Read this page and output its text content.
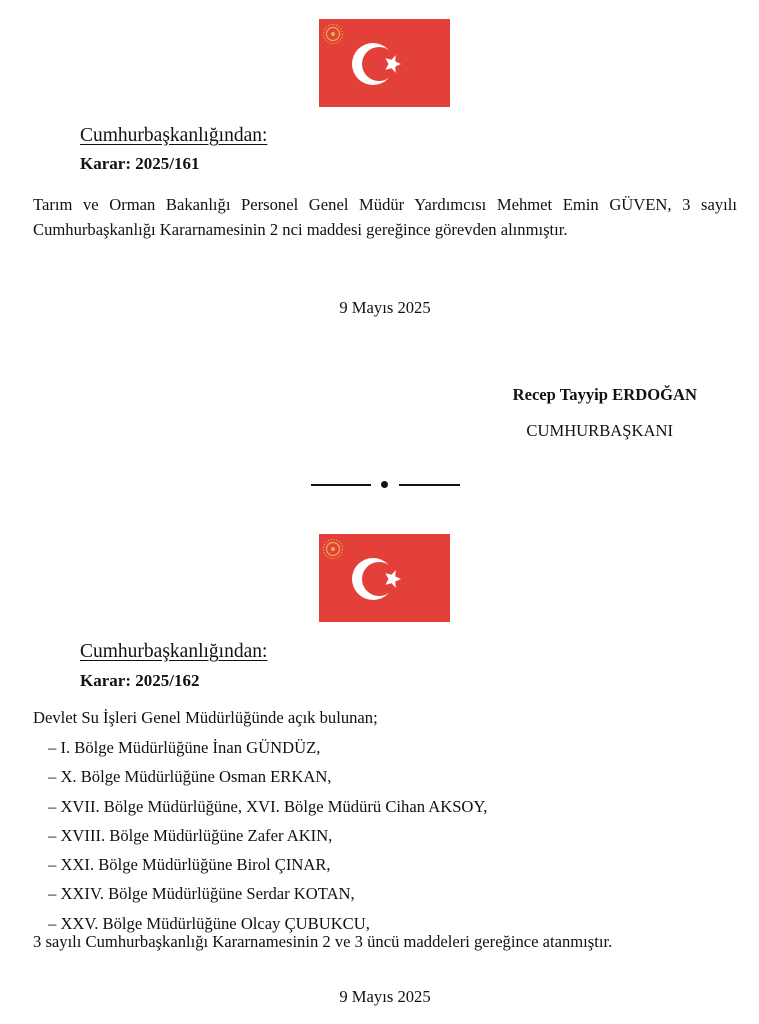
Cumhurbaşkanlığından:
Karar: 2025/161
Tarım ve Orman Bakanlığı Personel Genel Müdür Yardımcısı Mehmet Emin GÜVEN, 3 sayılı Cumhurbaşkanlığı Kararnamesinin 2 nci maddesi gereğince görevden alınmıştır.
9 Mayıs 2025
Recep Tayyip ERDOĞAN
CUMHURBAŞKANI
Cumhurbaşkanlığından:
Karar: 2025/162
Devlet Su İşleri Genel Müdürlüğünde açık bulunan;
– I. Bölge Müdürlüğüne İnan GÜNDÜZ,
– X. Bölge Müdürlüğüne Osman ERKAN,
– XVII. Bölge Müdürlüğüne, XVI. Bölge Müdürü Cihan AKSOY,
– XVIII. Bölge Müdürlüğüne Zafer AKIN,
– XXI. Bölge Müdürlüğüne Birol ÇINAR,
– XXIV. Bölge Müdürlüğüne Serdar KOTAN,
– XXV. Bölge Müdürlüğüne Olcay ÇUBUKCU,
3 sayılı Cumhurbaşkanlığı Kararnamesinin 2 ve 3 üncü maddeleri gereğince atanmıştır.
9 Mayıs 2025
